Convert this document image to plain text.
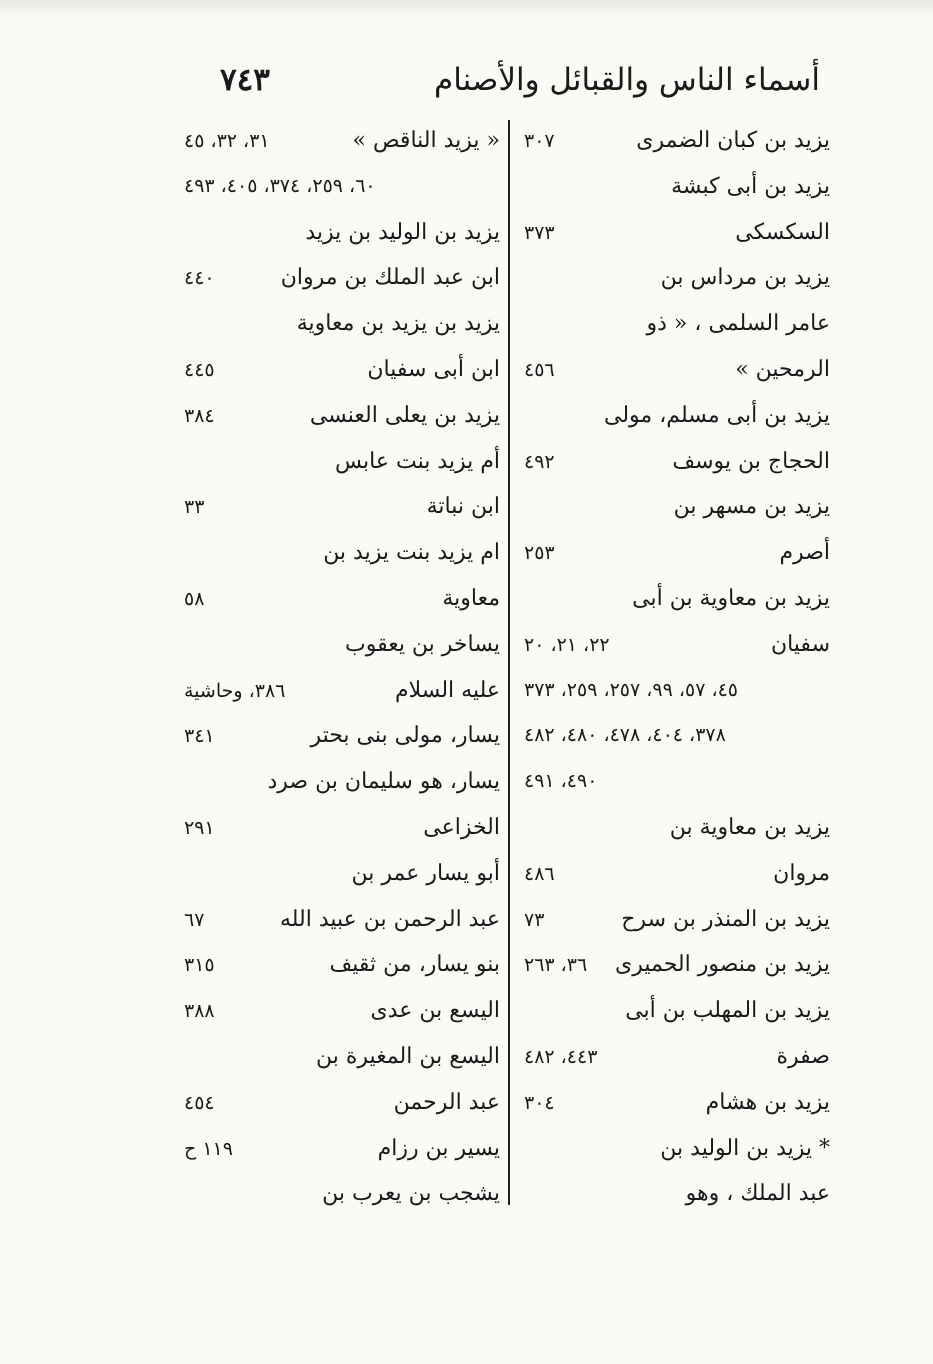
أسماء الناس والقبائل والأصنام
٧٤٣
يزيد بن كبان الضمرى
٣٠٧
يزيد بن أبى كبشة
السكسكى
٣٧٣
يزيد بن مرداس بن
عامر السلمى ، « ذو
الرمحين »
٤٥٦
يزيد بن أبى مسلم، مولى
الحجاج بن يوسف
٤٩٢
يزيد بن مسهر بن
أصرم
٢٥٣
يزيد بن معاوية بن أبى
سفيان
٢٢، ٢١، ٢٠
٤٥، ٥٧، ٩٩، ٢٥٧، ٢٥٩، ٣٧٣
٣٧٨، ٤٠٤، ٤٧٨، ٤٨٠، ٤٨٢
٤٩٠، ٤٩١
يزيد بن معاوية بن
مروان
٤٨٦
يزيد بن المنذر بن سرح
٧٣
يزيد بن منصور الحميرى
٣٦، ٢٦٣
يزيد بن المهلب بن أبى
صفرة
٤٤٣، ٤٨٢
يزيد بن هشام
٣٠٤
* يزيد بن الوليد بن
عبد الملك ، وهو
« يزيد الناقص »
٣١، ٣٢، ٤٥
٦٠، ٢٥٩، ٣٧٤، ٤٠٥، ٤٩٣
يزيد بن الوليد بن يزيد
ابن عبد الملك بن مروان
٤٤٠
يزيد بن يزيد بن معاوية
ابن أبى سفيان
٤٤٥
يزيد بن يعلى العنسى
٣٨٤
أم يزيد بنت عابس
ابن نباتة
٣٣
ام يزيد بنت يزيد بن
معاوية
٥٨
يساخر بن يعقوب
عليه السلام
٣٨٦، وحاشية
يسار، مولى بنى بحتر
٣٤١
يسار، هو سليمان بن صرد
الخزاعى
٢٩١
أبو يسار عمر بن
عبد الرحمن بن عبيد الله
٦٧
بنو يسار، من ثقيف
٣١٥
اليسع بن عدى
٣٨٨
اليسع بن المغيرة بن
عبد الرحمن
٤٥٤
يسير بن رزام
١١٩ ح
يشجب بن يعرب بن
